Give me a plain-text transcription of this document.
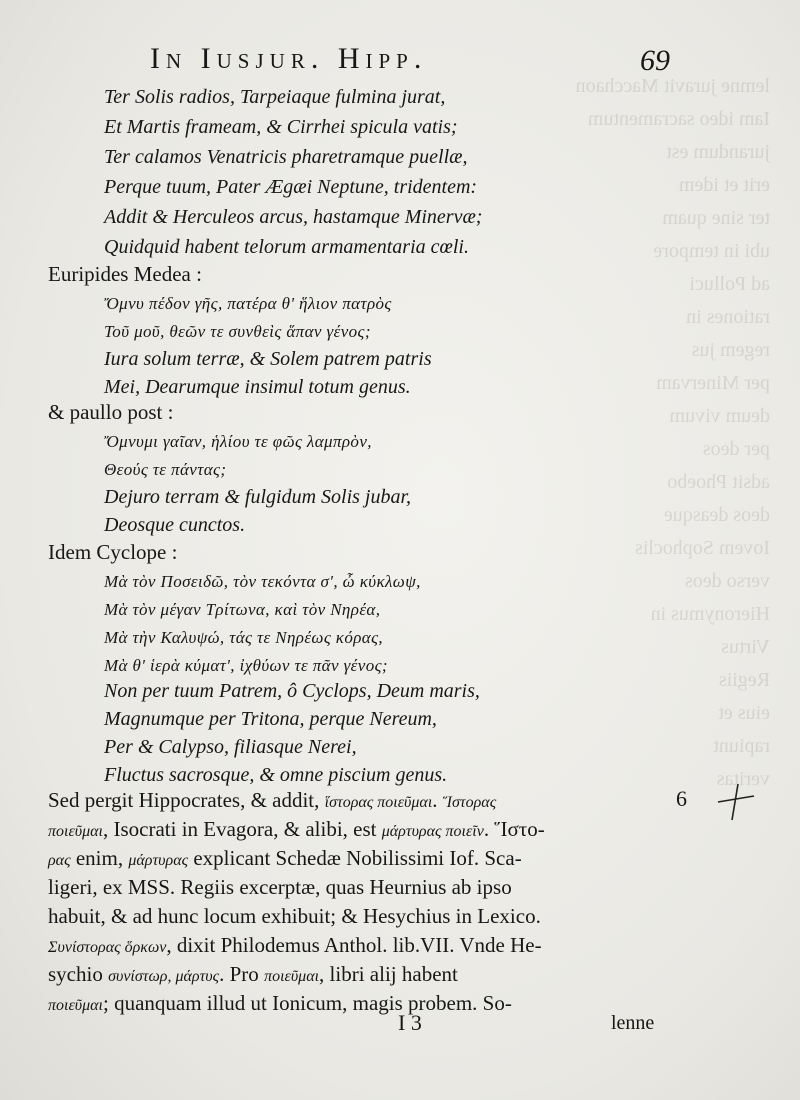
lemne juravit Macchaon
Iam ideo sacramentum
jurandum est
erit et idem
ter sine quam
ubi in tempore
ad Polluci
rationes in
regem jus
per Minervam
deum vivum
per deos
adsit Phoebo
deos deasque
Iovem Sophoclis
verso deos
Hieronymus in
Virtus
Regiis
eius et
rapiunt
veritas
In Iusjur. Hipp.	69
Ter Solis radios, Tarpeiaque fulmina jurat,
Et Martis frameam, & Cirrhei spicula vatis;
Ter calamos Venatricis pharetramque puellæ,
Perque tuum, Pater Ægæi Neptune, tridentem:
Addit & Herculeos arcus, hastamque Minervæ;
Quidquid habent telorum armamentaria cœli.
Euripides Medea :
Ὄμνυ πέδον γῆς, πατέρα θ' ἥλιον πατρὸς
Τοῦ μοῦ, θεῶν τε συνθεὶς ἅπαν γένος;
Iura solum terræ, & Solem patrem patris
Mei, Dearumque insimul totum genus.
& paullo post :
Ὄμνυμι γαῖαν, ἡλίου τε φῶς λαμπρὸν,
Θεούς τε πάντας;
Dejuro terram & fulgidum Solis jubar,
Deosque cunctos.
Idem Cyclope :
Μὰ τὸν Ποσειδῶ, τὸν τεκόντα σ', ὦ κύκλωψ,
Μὰ τὸν μέγαν Τρίτωνα, καὶ τὸν Νηρέα,
Μὰ τὴν Καλυψώ, τάς τε Νηρέως κόρας,
Μὰ θ' ἱερὰ κύματ', ἰχθύων τε πᾶν γένος;
Non per tuum Patrem, ô Cyclops, Deum maris,
Magnumque per Tritona, perque Nereum,
Per & Calypso, filiasque Nerei,
Fluctus sacrosque, & omne piscium genus.
Sed pergit Hippocrates, & addit, ἵστορας ποιεῦμαι. Ἵστορας
ποιεῦμαι, Isocrati in Evagora, & alibi, est μάρτυρας ποιεῖν. Ἵστο-
ρας enim, μάρτυρας explicant Schedæ Nobilissimi Iof. Sca-
ligeri, ex MSS. Regiis excerptæ, quas Heurnius ab ipso
habuit, & ad hunc locum exhibuit; & Hesychius in Lexico.
Συνίστορας ὅρκων, dixit Philodemus Anthol. lib.VII. Vnde He-
sychio συνίστωρ, μάρτυς. Pro ποιεῦμαι, libri alij habent
ποιεῦμαι; quanquam illud ut Ionicum, magis probem. So-
6
I 3	lenne
